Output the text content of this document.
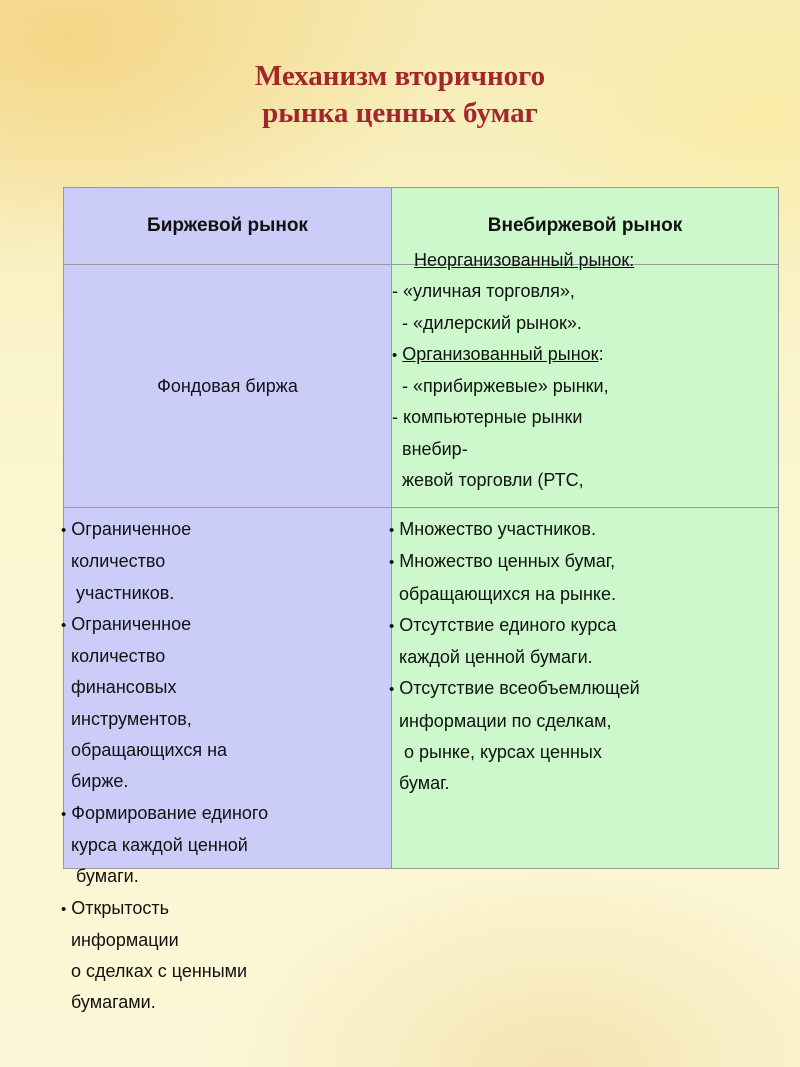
Механизм вторичного
рынка ценных бумаг
Биржевой рынок	Внебиржевой рынок
Фондовая биржа
Неорганизованный рынок:
- «уличная торговля»,
- «дилерский рынок».
• Организованный рынок:
- «прибиржевые» рынки,
- компьютерные рынки
внебир-
жевой торговли (РТС,
•  Ограниченное
количество
участников.
•  Ограниченное
количество
финансовых
инструментов,
обращающихся на
бирже.
•  Формирование единого
курса каждой ценной
бумаги.
•  Открытость
информации
о сделках с ценными
бумагами.
•  Множество участников.
•  Множество ценных бумаг,
обращающихся на рынке.
•  Отсутствие единого курса
каждой ценной бумаги.
•  Отсутствие всеобъемлющей
информации по сделкам,
о рынке, курсах ценных
бумаг.
